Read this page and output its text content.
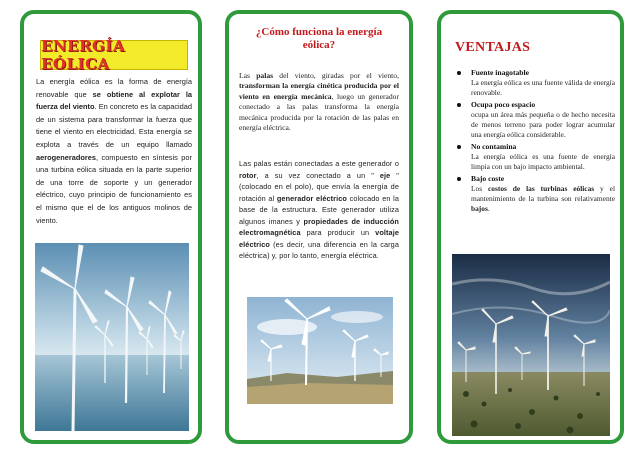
ENERGÍA EÓLICA

La energía eólica es la forma de energía renovable que se obtiene al explotar la fuerza del viento. En concreto es la capacidad de un sistema para transformar la fuerza que tiene el viento en electricidad. Esta energía se explota a través de un equipo llamado aerogeneradores, compuesto en síntesis por una turbina eólica situada en la parte superior de una torre de soporte y un generador eléctrico, cuyo principio de funcionamiento es el mismo que el de los antiguos molinos de viento.

¿Cómo funciona la energía eólica?

Las palas del viento, giradas por el viento, transforman la energía cinética producida por el viento en energía mecánica, luego un generador conectado a las palas transforma la energía mecánica producida por la rotación de las palas en energía eléctrica.

Las palas están conectadas a este generador o rotor, a su vez conectado a un " eje " (colocado en el polo), que envía la energía de rotación al generador eléctrico colocado en la base de la estructura. Este generador utiliza algunos imanes y propiedades de inducción electromagnética para producir un voltaje eléctrico (es decir, una diferencia en la carga eléctrica) y, por lo tanto, energía eléctrica.

VENTAJAS
Fuente inagotable
La energía eólica es una fuente válida de energía renovable.
Ocupa poco espacio
ocupa un área más pequeña o de hecho necesita de menos terreno para poder lograr acumular una energía eólica considerable.
No contamina
La energía eólica es una fuente de energía limpia con un bajo impacto ambiental.
Bajo coste
Los costos de las turbinas eólicas y el mantenimiento de la turbina son relativamente bajos.
